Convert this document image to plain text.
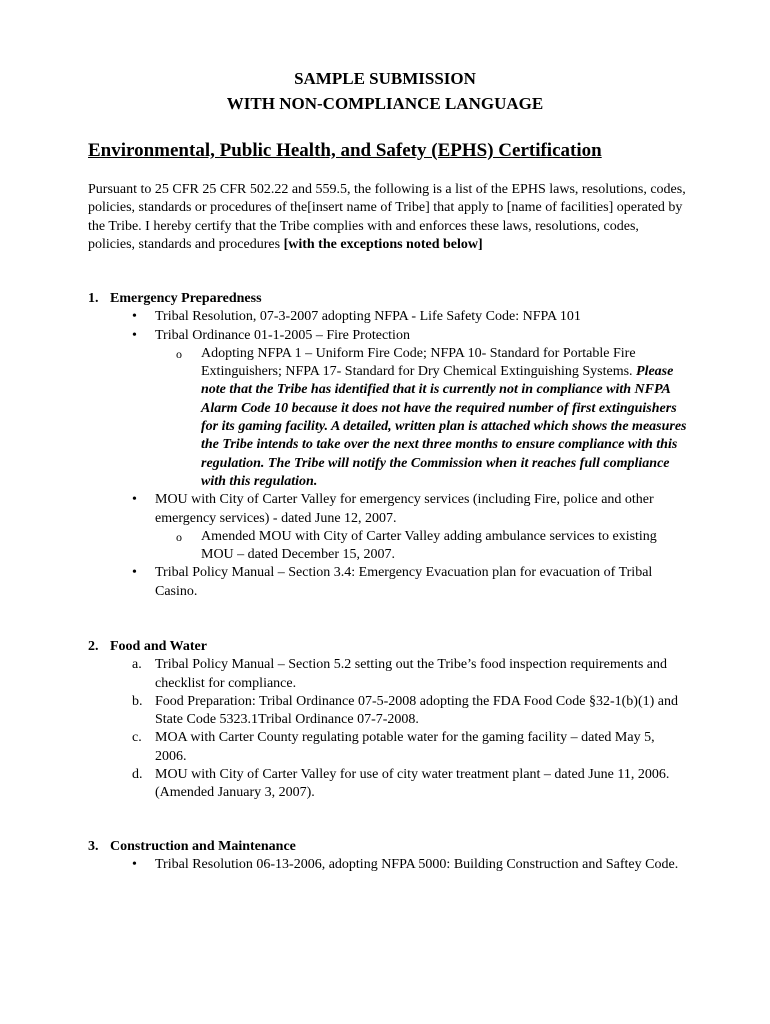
SAMPLE SUBMISSION
WITH NON-COMPLIANCE LANGUAGE
Environmental, Public Health, and Safety (EPHS) Certification
Pursuant to 25 CFR 25 CFR 502.22 and 559.5, the following is a list of the EPHS laws, resolutions, codes, policies, standards or procedures of the[insert name of Tribe] that apply to [name of facilities] operated by the Tribe. I hereby certify that the Tribe complies with and enforces these laws, resolutions, codes, policies, standards and procedures [with the exceptions noted below]
1. Emergency Preparedness
• Tribal Resolution, 07-3-2007 adopting NFPA - Life Safety Code: NFPA 101
• Tribal Ordinance 01-1-2005 – Fire Protection
o Adopting NFPA 1 – Uniform Fire Code; NFPA 10- Standard for Portable Fire Extinguishers; NFPA 17- Standard for Dry Chemical Extinguishing Systems. Please note that the Tribe has identified that it is currently not in compliance with NFPA Alarm Code 10 because it does not have the required number of first extinguishers for its gaming facility. A detailed, written plan is attached which shows the measures the Tribe intends to take over the next three months to ensure compliance with this regulation. The Tribe will notify the Commission when it reaches full compliance with this regulation.
• MOU with City of Carter Valley for emergency services (including Fire, police and other emergency services) - dated June 12, 2007.
o Amended MOU with City of Carter Valley adding ambulance services to existing MOU – dated December 15, 2007.
• Tribal Policy Manual – Section 3.4: Emergency Evacuation plan for evacuation of Tribal Casino.
2. Food and Water
a. Tribal Policy Manual – Section 5.2 setting out the Tribe’s food inspection requirements and checklist for compliance.
b. Food Preparation: Tribal Ordinance 07-5-2008 adopting the FDA Food Code §32-1(b)(1) and State Code 5323.1Tribal Ordinance 07-7-2008.
c. MOA with Carter County regulating potable water for the gaming facility – dated May 5, 2006.
d. MOU with City of Carter Valley for use of city water treatment plant – dated June 11, 2006. (Amended January 3, 2007).
3. Construction and Maintenance
• Tribal Resolution 06-13-2006, adopting NFPA 5000: Building Construction and Saftey Code.
